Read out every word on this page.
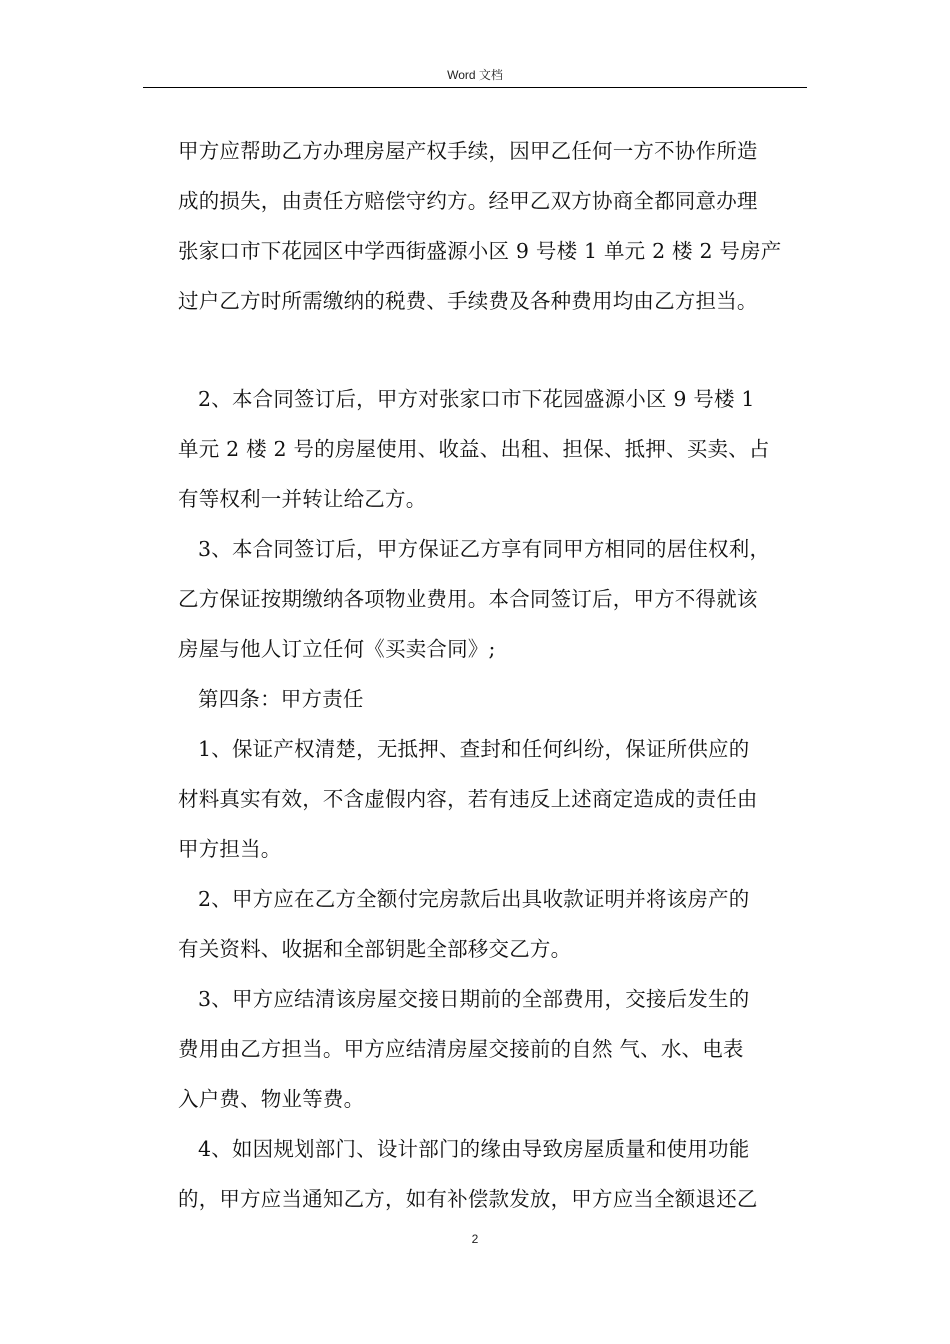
Word 文档
甲方应帮助乙方办理房屋产权手续，因甲乙任何一方不协作所造
成的损失，由责任方赔偿守约方。经甲乙双方协商全都同意办理
张家口市下花园区中学西街盛源小区 9 号楼 1 单元 2 楼 2 号房产
过户乙方时所需缴纳的税费、手续费及各种费用均由乙方担当。
2、本合同签订后，甲方对张家口市下花园盛源小区 9 号楼 1
单元 2 楼 2 号的房屋使用、收益、出租、担保、抵押、买卖、占
有等权利一并转让给乙方。
3、本合同签订后，甲方保证乙方享有同甲方相同的居住权利，
乙方保证按期缴纳各项物业费用。本合同签订后，甲方不得就该
房屋与他人订立任何《买卖合同》;
第四条：甲方责任
1、保证产权清楚，无抵押、查封和任何纠纷，保证所供应的
材料真实有效，不含虚假内容，若有违反上述商定造成的责任由
甲方担当。
2、甲方应在乙方全额付完房款后出具收款证明并将该房产的
有关资料、收据和全部钥匙全部移交乙方。
3、甲方应结清该房屋交接日期前的全部费用，交接后发生的
费用由乙方担当。甲方应结清房屋交接前的自然 气、水、电表
入户费、物业等费。
4、如因规划部门、设计部门的缘由导致房屋质量和使用功能
的，甲方应当通知乙方，如有补偿款发放，甲方应当全额退还乙
2
